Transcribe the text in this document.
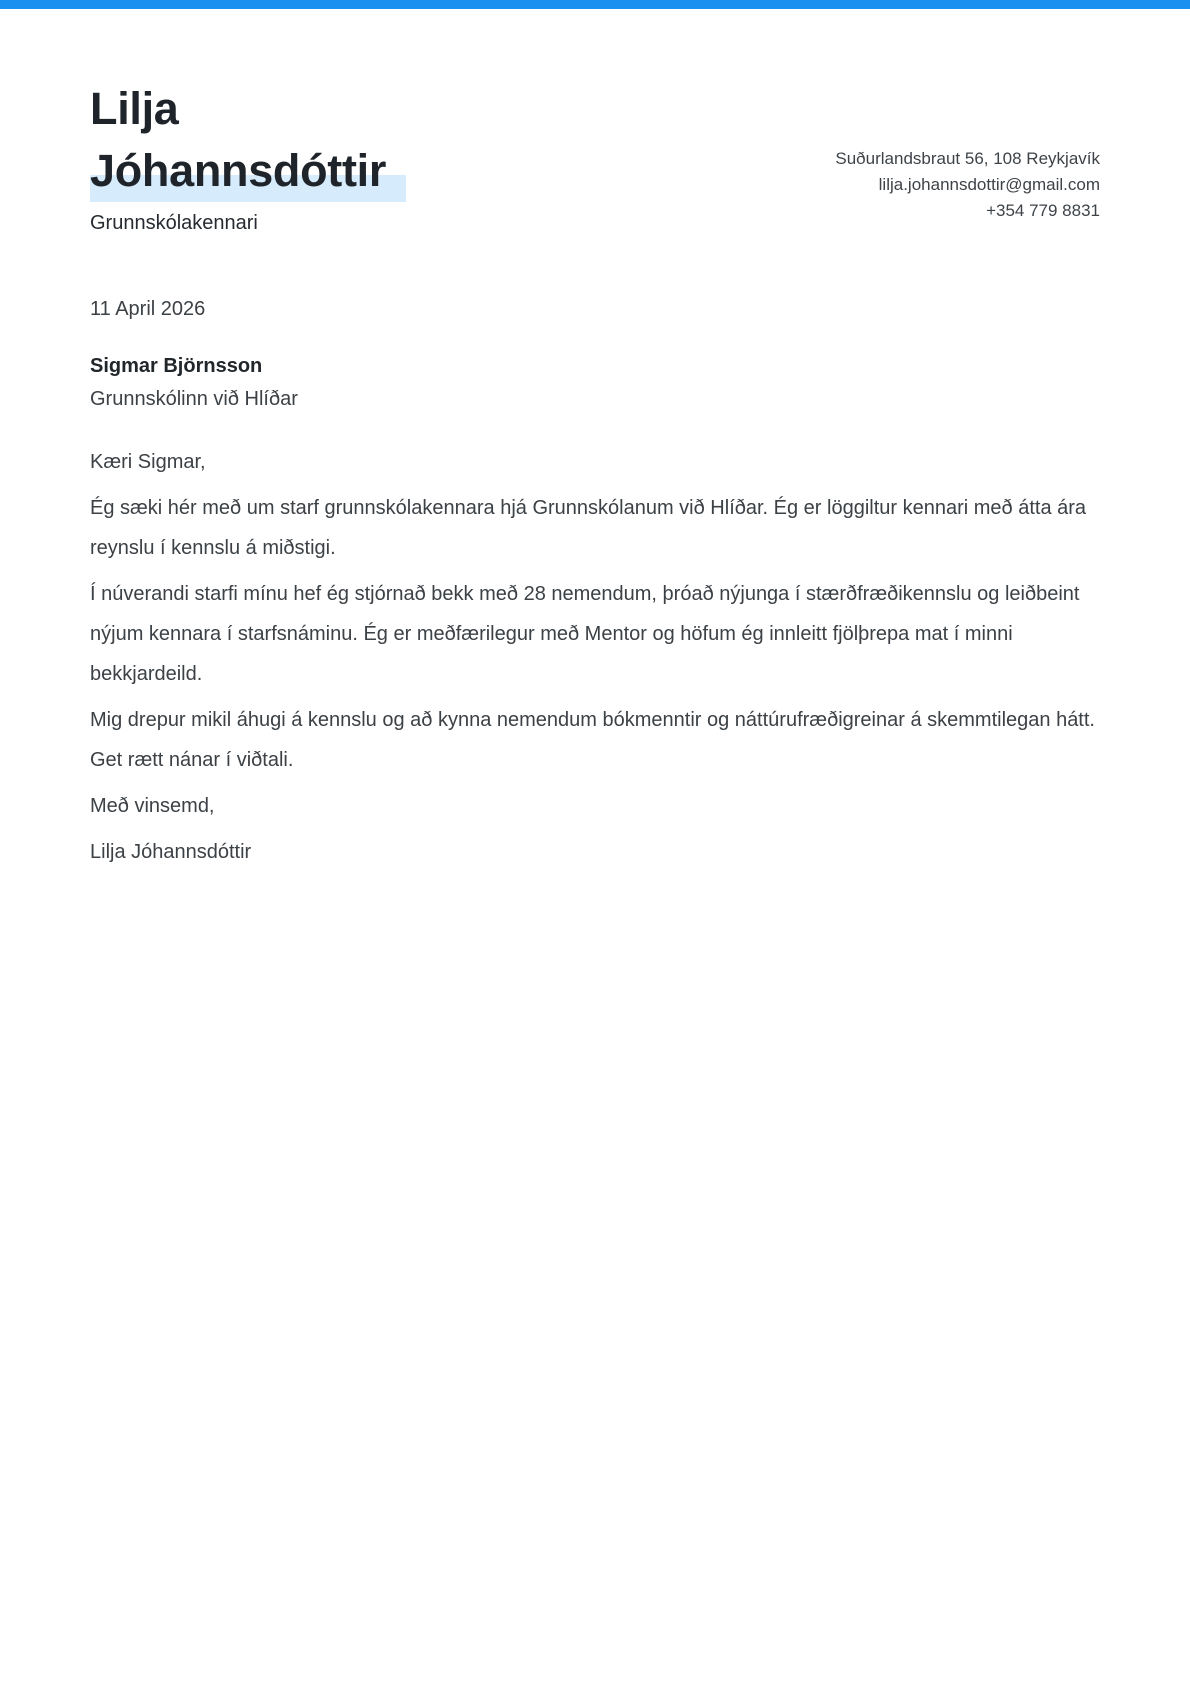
Lilja
Jóhannsdóttir
Grunnskólakennari
Suðurlandsbraut 56, 108 Reykjavík
lilja.johannsdottir@gmail.com
+354 779 8831
11 April 2026
Sigmar Björnsson
Grunnskólinn við Hlíðar

Kæri Sigmar,

Ég sæki hér með um starf grunnskólakennara hjá Grunnskólanum við Hlíðar. Ég er löggiltur kennari með átta ára reynslu í kennslu á miðstigi.

Í núverandi starfi mínu hef ég stjórnað bekk með 28 nemendum, þróað nýjunga í stærðfræðikennslu og leiðbeint nýjum kennara í starfsnáminu. Ég er meðfærilegur með Mentor og höfum ég innleitt fjölþrepa mat í minni bekkjardeild.

Mig drepur mikil áhugi á kennslu og að kynna nemendum bókmenntir og náttúrufræðigreinar á skemmtilegan hátt. Get rætt nánar í viðtali.

Með vinsemd,

Lilja Jóhannsdóttir
